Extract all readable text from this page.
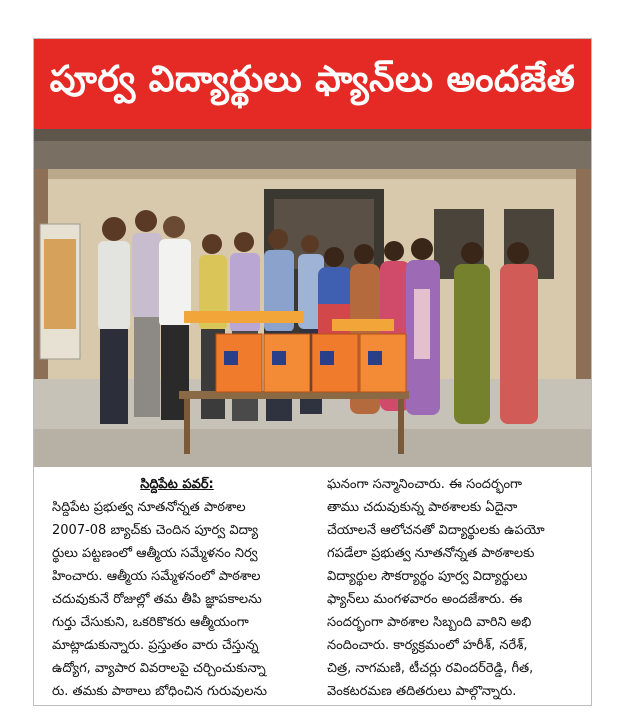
పూర్వ విద్యార్థులు ఫ్యాన్‌లు అందజేత
సిద్దిపేట పవర్:

సిద్దిపేట ప్రభుత్వ నూతనోన్నత పాఠశాల
2007-08 బ్యాచ్‌కు చెందిన పూర్వ విద్యా
ర్థులు పట్టణంలో ఆత్మీయ సమ్మేళనం నిర్వ
హించారు. ఆత్మీయ సమ్మేళనంలో పాఠశాల
చదువుకునే రోజుల్లో తమ తీపి జ్ఞాపకాలను
గుర్తు చేసుకుని, ఒకరికొకరు ఆత్మీయంగా
మాట్లాడుకున్నారు. ప్రస్తుతం వారు చేస్తున్న
ఉద్యోగ, వ్యాపార వివరాలపై చర్చించుకున్నా
రు. తమకు పాఠాలు బోధించిన గురువులను

ఘనంగా సన్మానించారు. ఈ సందర్భంగా
తాము చదువుకున్న పాఠశాలకు ఏదైనా
చేయాలనే ఆలోచనతో విద్యార్థులకు ఉపయో
గపడేలా ప్రభుత్వ నూతనోన్నత పాఠశాలకు
విద్యార్థుల సౌకర్యార్థం పూర్వ విద్యార్థులు
ఫ్యాన్‌లు మంగళవారం అందజేశారు. ఈ
సందర్భంగా పాఠశాల సిబ్బంది వారిని అభి
నందించారు. కార్యక్రమంలో హరీశ్, నరేశ్,
చిత్ర, నాగమణి, టీచర్లు రవిందర్‌రెడ్డి, గీత,
వెంకటరమణ తదితరులు పాల్గొన్నారు.
